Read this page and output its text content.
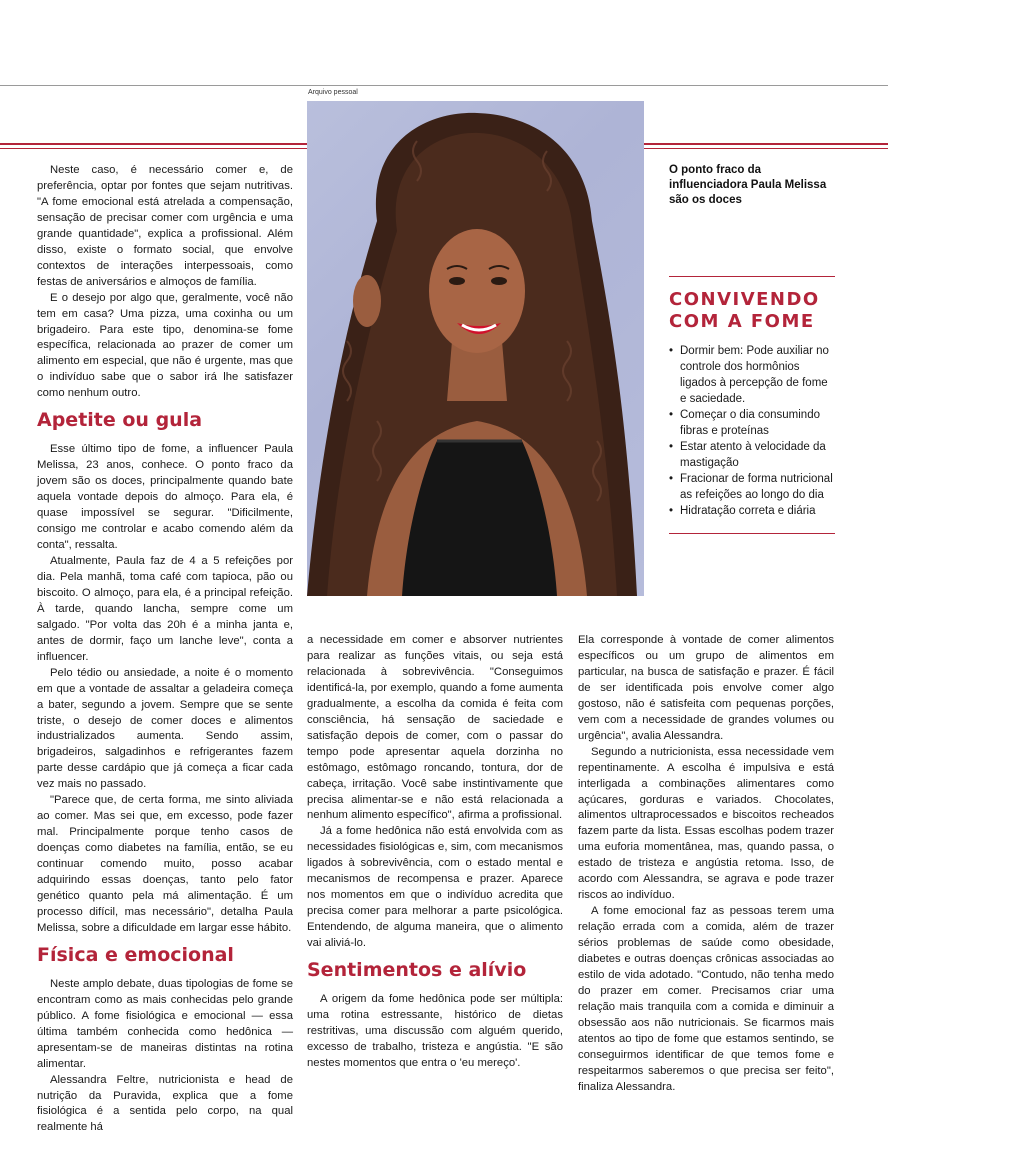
Arquivo pessoal
O ponto fraco da influenciadora Paula Melissa são os doces
CONVIVENDO COM A FOME
• Dormir bem: Pode auxiliar no controle dos hormônios ligados à percepção de fome e saciedade.
• Começar o dia consumindo fibras e proteínas
• Estar atento à velocidade da mastigação
• Fracionar de forma nutricional as refeições ao longo do dia
• Hidratação correta e diária

Neste caso, é necessário comer e, de preferência, optar por fontes que sejam nutritivas. "A fome emocional está atrelada a compensação, sensação de precisar comer com urgência e uma grande quantidade", explica a profissional. Além disso, existe o formato social, que envolve contextos de interações interpessoais, como festas de aniversários e almoços de família.

E o desejo por algo que, geralmente, você não tem em casa? Uma pizza, uma coxinha ou um brigadeiro. Para este tipo, denomina-se fome específica, relacionada ao prazer de comer um alimento em especial, que não é urgente, mas que o indivíduo sabe que o sabor irá lhe satisfazer como nenhum outro.

Apetite ou gula

Esse último tipo de fome, a influencer Paula Melissa, 23 anos, conhece. O ponto fraco da jovem são os doces, principalmente quando bate aquela vontade depois do almoço. Para ela, é quase impossível se segurar. "Dificilmente, consigo me controlar e acabo comendo além da conta", ressalta.

Atualmente, Paula faz de 4 a 5 refeições por dia. Pela manhã, toma café com tapioca, pão ou biscoito. O almoço, para ela, é a principal refeição. À tarde, quando lancha, sempre come um salgado. "Por volta das 20h é a minha janta e, antes de dormir, faço um lanche leve", conta a influencer.

Pelo tédio ou ansiedade, a noite é o momento em que a vontade de assaltar a geladeira começa a bater, segundo a jovem. Sempre que se sente triste, o desejo de comer doces e alimentos industrializados aumenta. Sendo assim, brigadeiros, salgadinhos e refrigerantes fazem parte desse cardápio que já começa a ficar cada vez mais no passado.

"Parece que, de certa forma, me sinto aliviada ao comer. Mas sei que, em excesso, pode fazer mal. Principalmente porque tenho casos de doenças como diabetes na família, então, se eu continuar comendo muito, posso acabar adquirindo essas doenças, tanto pelo fator genético quanto pela má alimentação. É um processo difícil, mas necessário", detalha Paula Melissa, sobre a dificuldade em largar esse hábito.

Física e emocional

Neste amplo debate, duas tipologias de fome se encontram como as mais conhecidas pelo grande público. A fome fisiológica e emocional — essa última também conhecida como hedônica — apresentam-se de maneiras distintas na rotina alimentar.

Alessandra Feltre, nutricionista e head de nutrição da Puravida, explica que a fome fisiológica é a sentida pelo corpo, na qual realmente há

a necessidade em comer e absorver nutrientes para realizar as funções vitais, ou seja está relacionada à sobrevivência. "Conseguimos identificá-la, por exemplo, quando a fome aumenta gradualmente, a escolha da comida é feita com consciência, há sensação de saciedade e satisfação depois de comer, com o passar do tempo pode apresentar aquela dorzinha no estômago, estômago roncando, tontura, dor de cabeça, irritação. Você sabe instintivamente que precisa alimentar-se e não está relacionada a nenhum alimento específico", afirma a profissional.

Já a fome hedônica não está envolvida com as necessidades fisiológicas e, sim, com mecanismos ligados à sobrevivência, com o estado mental e mecanismos de recompensa e prazer. Aparece nos momentos em que o indivíduo acredita que precisa comer para melhorar a parte psicológica. Entendendo, de alguma maneira, que o alimento vai aliviá-lo.

Sentimentos e alívio

A origem da fome hedônica pode ser múltipla: uma rotina estressante, histórico de dietas restritivas, uma discussão com alguém querido, excesso de trabalho, tristeza e angústia. "E são nestes momentos que entra o 'eu mereço'.

Ela corresponde à vontade de comer alimentos específicos ou um grupo de alimentos em particular, na busca de satisfação e prazer. É fácil de ser identificada pois envolve comer algo gostoso, não é satisfeita com pequenas porções, vem com a necessidade de grandes volumes ou urgência", avalia Alessandra.

Segundo a nutricionista, essa necessidade vem repentinamente. A escolha é impulsiva e está interligada a combinações alimentares como açúcares, gorduras e variados. Chocolates, alimentos ultraprocessados e biscoitos recheados fazem parte da lista. Essas escolhas podem trazer uma euforia momentânea, mas, quando passa, o estado de tristeza e angústia retoma. Isso, de acordo com Alessandra, se agrava e pode trazer riscos ao indivíduo.

A fome emocional faz as pessoas terem uma relação errada com a comida, além de trazer sérios problemas de saúde como obesidade, diabetes e outras doenças crônicas associadas ao estilo de vida adotado. "Contudo, não tenha medo do prazer em comer. Precisamos criar uma relação mais tranquila com a comida e diminuir a obsessão aos não nutricionais. Se ficarmos mais atentos ao tipo de fome que estamos sentindo, se conseguirmos identificar de que temos fome e respeitarmos saberemos o que precisa ser feito", finaliza Alessandra.
